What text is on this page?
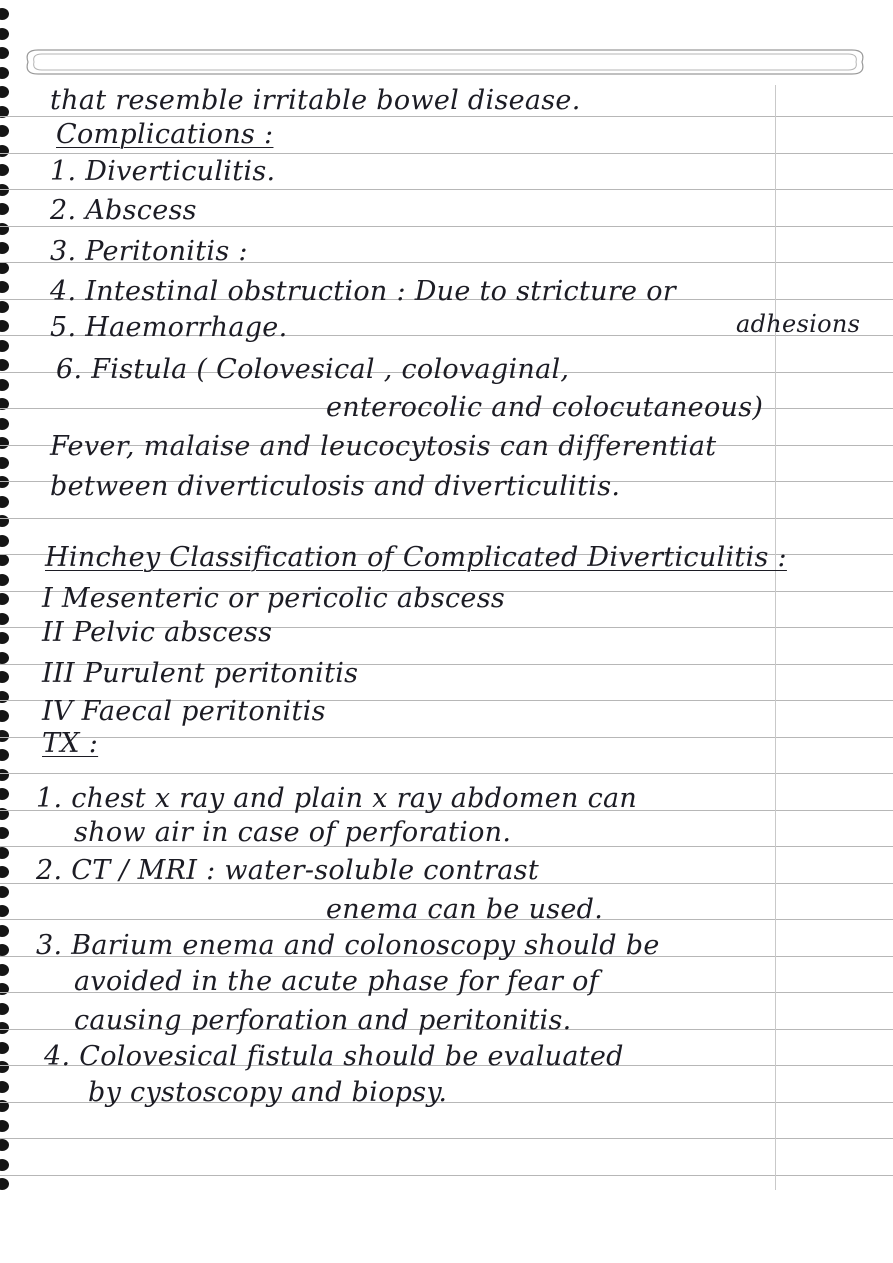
that resemble irritable bowel disease.
Complications :
1. Diverticulitis.
2. Abscess
3. Peritonitis :
4. Intestinal obstruction : Due to stricture or
5. Haemorrhage.	adhesions
6. Fistula ( Colovesical , colovaginal,
enterocolic and colocutaneous)
Fever, malaise and leucocytosis can differentiat
between diverticulosis and diverticulitis.
Hinchey Classification of Complicated Diverticulitis :
I Mesenteric or pericolic abscess
II Pelvic abscess
III Purulent peritonitis
IV Faecal peritonitis
TX :
1. chest x ray and plain x ray abdomen can
show air in case of perforation.
2. CT / MRI : water-soluble contrast
enema can be used.
3. Barium enema and colonoscopy should be
avoided in the acute phase for fear of
causing perforation and peritonitis.
4. Colovesical fistula should be evaluated
by cystoscopy and biopsy.
